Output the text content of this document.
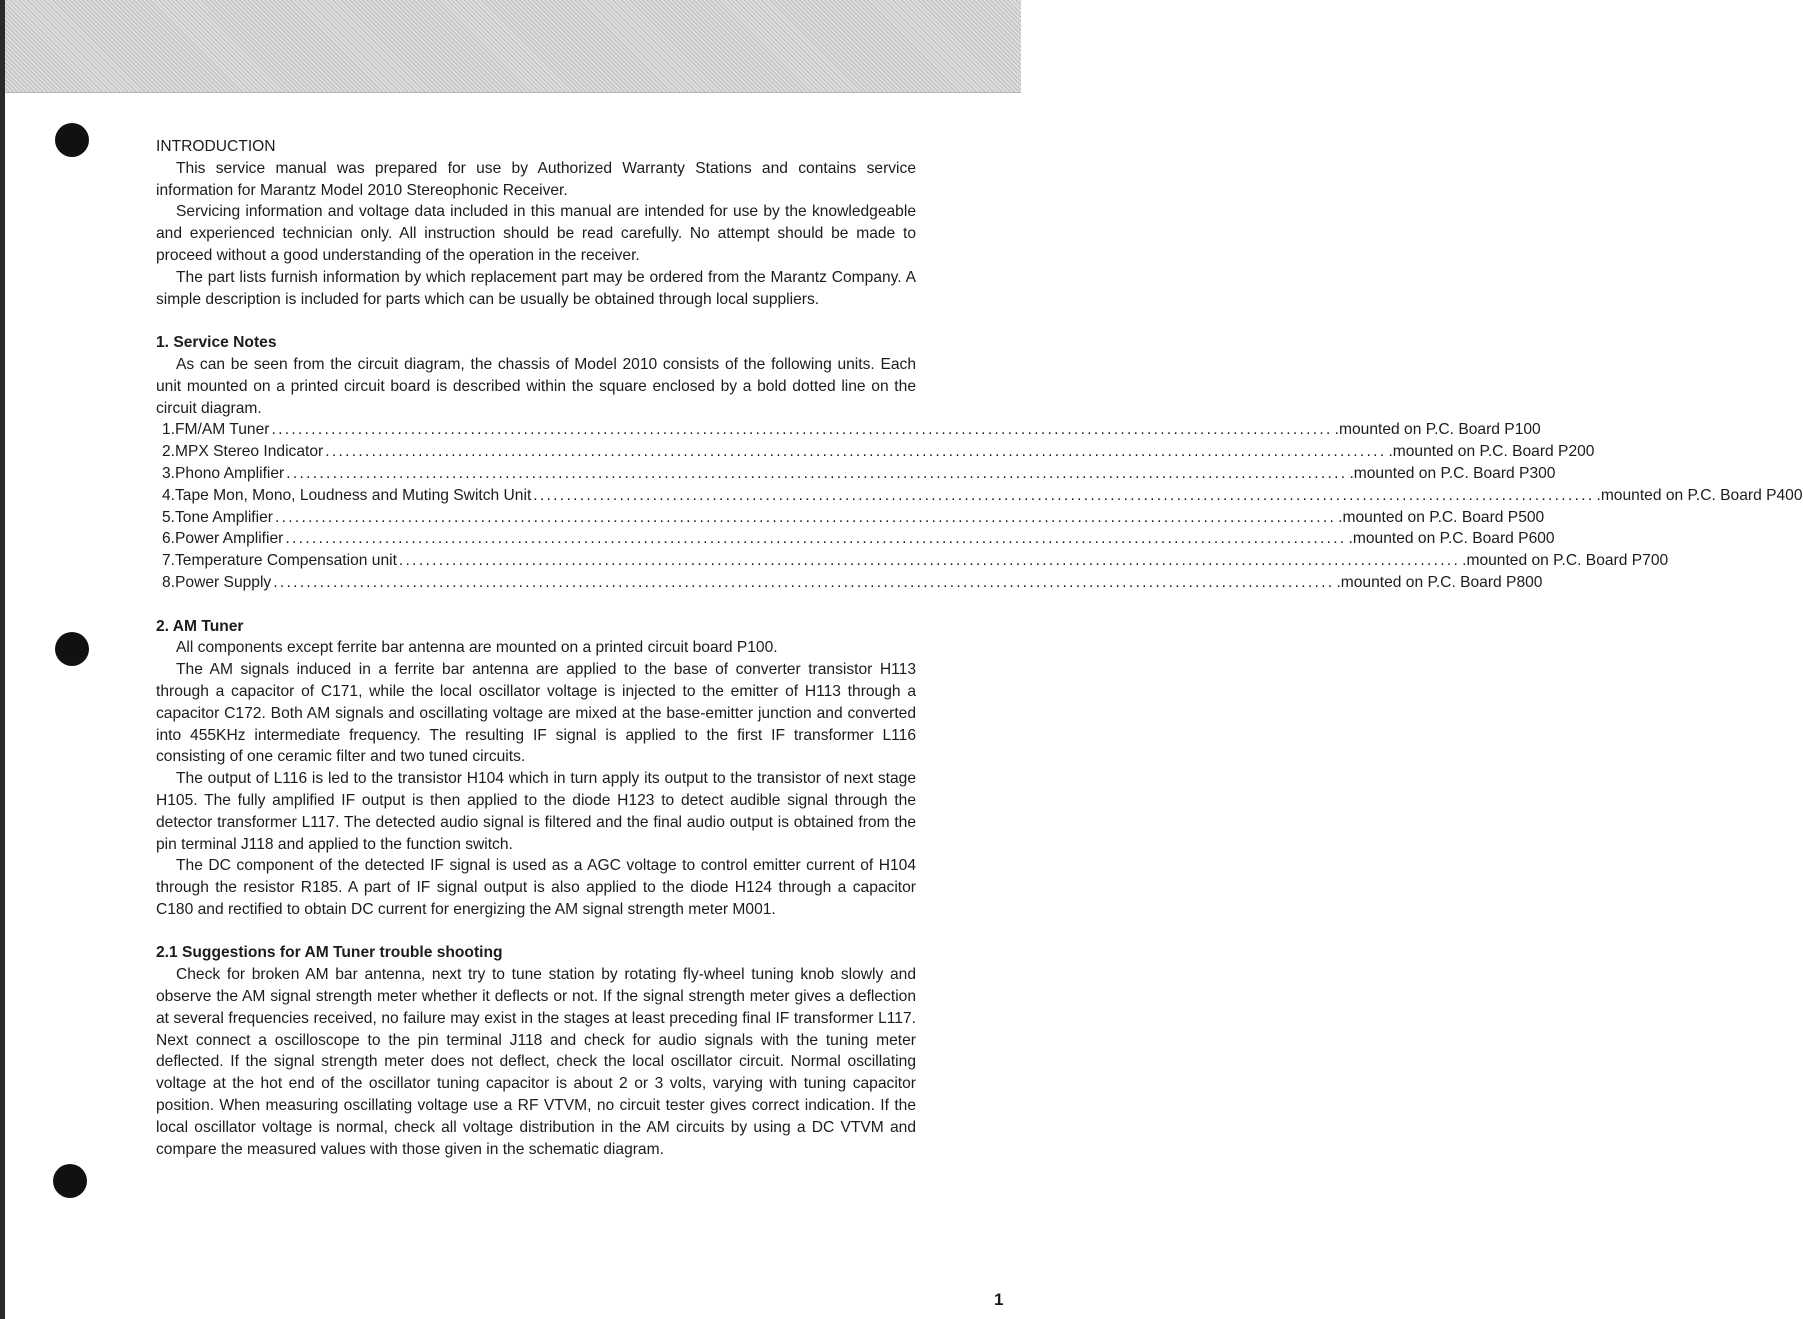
INTRODUCTION

This service manual was prepared for use by Authorized Warranty Stations and contains service information for Marantz Model 2010 Stereophonic Receiver.

Servicing information and voltage data included in this manual are intended for use by the knowledgeable and experienced technician only. All instruction should be read carefully. No attempt should be made to proceed without a good understanding of the operation in the receiver.

The part lists furnish information by which replacement part may be ordered from the Marantz Company. A simple description is included for parts which can be usually be obtained through local suppliers.

1. Service Notes

As can be seen from the circuit diagram, the chassis of Model 2010 consists of the following units. Each unit mounted on a printed circuit board is described within the square enclosed by a bold dotted line on the circuit diagram.

1. FM/AM Tuner ................................................................................................................................................................ .mounted on P.C. Board P100
2. MPX Stereo Indicator ................................................................................................................................................................ .mounted on P.C. Board P200
3. Phono Amplifier ................................................................................................................................................................ .mounted on P.C. Board P300
4. Tape Mon, Mono, Loudness and Muting Switch Unit ................................................................................................................................................................ .mounted on P.C. Board P400
5. Tone Amplifier ................................................................................................................................................................ .mounted on P.C. Board P500
6. Power Amplifier ................................................................................................................................................................ .mounted on P.C. Board P600
7. Temperature Compensation unit ................................................................................................................................................................ .mounted on P.C. Board P700
8. Power Supply ................................................................................................................................................................ .mounted on P.C. Board P800
2. AM Tuner

All components except ferrite bar antenna are mounted on a printed circuit board P100.

The AM signals induced in a ferrite bar antenna are applied to the base of converter transistor H113 through a capacitor of C171, while the local oscillator voltage is injected to the emitter of H113 through a capacitor C172. Both AM signals and oscillating voltage are mixed at the base-emitter junction and converted into 455KHz intermediate frequency. The resulting IF signal is applied to the first IF transformer L116 consisting of one ceramic filter and two tuned circuits.

The output of L116 is led to the transistor H104 which in turn apply its output to the transistor of next stage H105. The fully amplified IF output is then applied to the diode H123 to detect audible signal through the detector transformer L117. The detected audio signal is filtered and the final audio output is obtained from the pin terminal J118 and applied to the function switch.

The DC component of the detected IF signal is used as a AGC voltage to control emitter current of H104 through the resistor R185. A part of IF signal output is also applied to the diode H124 through a capacitor C180 and rectified to obtain DC current for energizing the AM signal strength meter M001.

2.1 Suggestions for AM Tuner trouble shooting

Check for broken AM bar antenna, next try to tune station by rotating fly-wheel tuning knob slowly and observe the AM signal strength meter whether it deflects or not. If the signal strength meter gives a deflection at several frequencies received, no failure may exist in the stages at least preceding final IF transformer L117. Next connect a oscilloscope to the pin terminal J118 and check for audio signals with the tuning meter deflected. If the signal strength meter does not deflect, check the local oscillator circuit. Normal oscillating voltage at the hot end of the oscillator tuning capacitor is about 2 or 3 volts, varying with tuning capacitor position. When measuring oscillating voltage use a RF VTVM, no circuit tester gives correct indication. If the local oscillator voltage is normal, check all voltage distribution in the AM circuits by using a DC VTVM and compare the measured values with those given in the schematic diagram.

1
